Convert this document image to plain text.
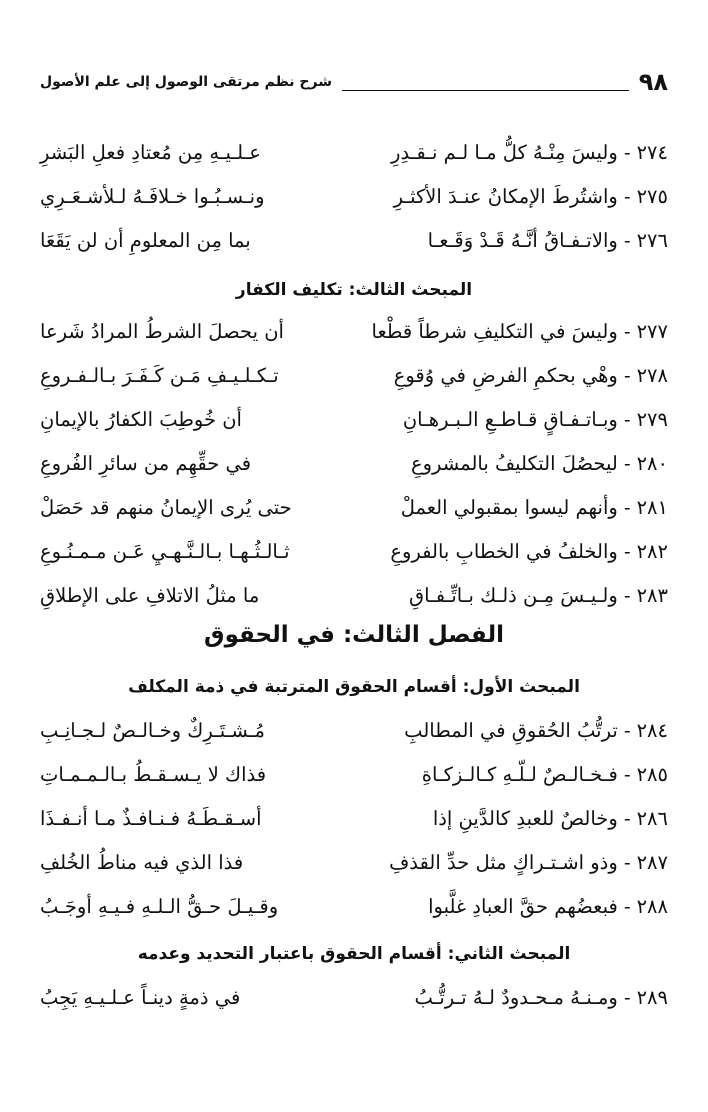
٩٨
شرح نظم مرتقى الوصول إلى علم الأصول
٢٧٤
- وليسَ مِنْـهُ كلُّ مـا لـم نـقـدِرِ
عـلـيـهِ مِن مُعتادِ فعلِ البَشرِ
٢٧٥
- واشتُرطَ الإمكانُ عنـدَ الأكثـرِ
ونـسـبُـوا خـلافَـهُ لـلأشـعَـرِي
٢٧٦
- والاتـفـاقُ أنَّـهُ قَـدْ وَقَـعـا
بما مِن المعلومِ أن لن يَقَعَا
المبحث الثالث: تكليف الكفار
٢٧٧
- وليسَ في التكليفِ شرطاً قطْعا
أن يحصلَ الشرطُ المرادُ شَرعا
٢٧٨
- وهْي بحكمِ الفرضِ في وُقوعِ
تـكـلـيـفِ مَـن كَـفَـرَ بـالـفـروعِ
٢٧٩
- وبـاتـفـاقٍ قـاطـعِ الـبـرهـانِ
أن خُوطِبَ الكفارُ بالإيمانِ
٢٨٠
- ليحصُلَ التكليفُ بالمشروعِ
في حقِّهِم من سائرِ الفُروعِ
٢٨١
- وأنهم ليسوا بمقبولي العملْ
حتى يُرى الإيمانُ منهم قد حَصَلْ
٢٨٢
- والخلفُ في الخطابِ بالفروعِ
ثـالـثُـهـا بـالـنَّـهـيِ عَـن مـمـنُـوعِ
٢٨٣
- ولـيـسَ مِـن ذلـك بـاتِّـفـاقِ
ما مثلُ الاتلافِ على الإطلاقِ
الفصل الثالث: في الحقوق
المبحث الأول: أقسام الحقوق المترتبة في ذمة المكلف
٢٨٤
- ترتُّبُ الحُقوقِ في المطالبِ
مُـشـتَـرِكٌ وخـالـصٌ لـجـانِـبِ
٢٨٥
- فـخـالـصٌ لـلّـهِ كـالـزكـاةِ
فذاك لا يـسـقـطُ بـالـمـمـاتِ
٢٨٦
- وخالصٌ للعبدِ كالدَّينِ إذا
أسـقـطَـهُ فـنـافـذٌ مـا أنـفـذَا
٢٨٧
- وذو اشـتـراكٍ مثل حدِّ القذفِ
فذا الذي فيه مناطُ الخُلفِ
٢٨٨
- فبعضُهم حقَّ العبادِ غلَّبوا
وقـيـلَ حـقُّ الـلـهِ فـيـهِ أوجَـبُ
المبحث الثاني: أقسام الحقوق باعتبار التحديد وعدمه
٢٨٩
- ومـنـهُ مـحـدودٌ لـهُ تـرتُّـبُ
في ذمةٍ دينـاً عـلـيـهِ يَجِبُ
